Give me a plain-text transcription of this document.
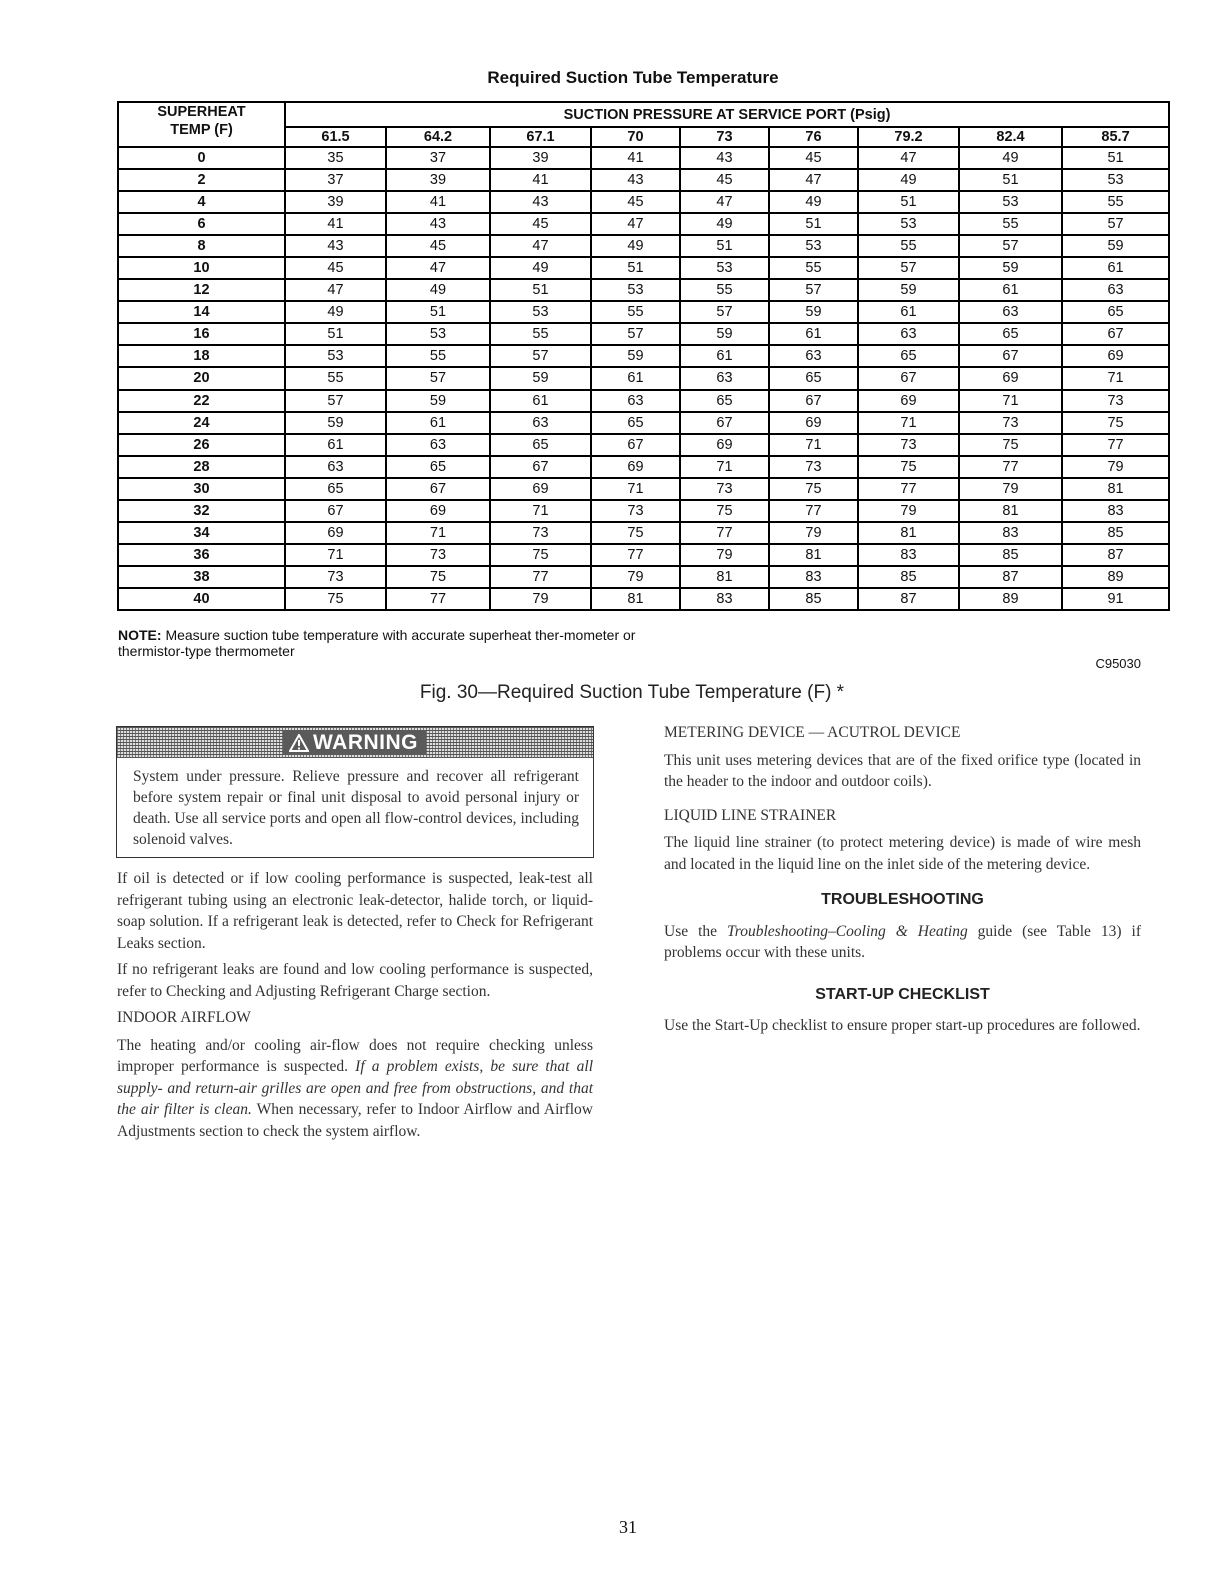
Required Suction Tube Temperature
SUPERHEAT
TEMP (F)	SUCTION PRESSURE AT SERVICE PORT (Psig)								
	61.5	64.2	67.1	70	73	76	79.2	82.4	85.7
0	35	37	39	41	43	45	47	49	51
2	37	39	41	43	45	47	49	51	53
4	39	41	43	45	47	49	51	53	55
6	41	43	45	47	49	51	53	55	57
8	43	45	47	49	51	53	55	57	59
10	45	47	49	51	53	55	57	59	61
12	47	49	51	53	55	57	59	61	63
14	49	51	53	55	57	59	61	63	65
16	51	53	55	57	59	61	63	65	67
18	53	55	57	59	61	63	65	67	69
20	55	57	59	61	63	65	67	69	71
22	57	59	61	63	65	67	69	71	73
24	59	61	63	65	67	69	71	73	75
26	61	63	65	67	69	71	73	75	77
28	63	65	67	69	71	73	75	77	79
30	65	67	69	71	73	75	77	79	81
32	67	69	71	73	75	77	79	81	83
34	69	71	73	75	77	79	81	83	85
36	71	73	75	77	79	81	83	85	87
38	73	75	77	79	81	83	85	87	89
40	75	77	79	81	83	85	87	89	91
NOTE: Measure suction tube temperature with accurate superheat ther-mometer or thermistor-type thermometer
C95030
Fig. 30—Required Suction Tube Temperature (F) *
WARNING
System under pressure. Relieve pressure and recover all refrigerant before system repair or final unit disposal to avoid personal injury or death. Use all service ports and open all flow-control devices, including solenoid valves.

If oil is detected or if low cooling performance is suspected, leak-test all refrigerant tubing using an electronic leak-detector, halide torch, or liquid-soap solution. If a refrigerant leak is detected, refer to Check for Refrigerant Leaks section.

If no refrigerant leaks are found and low cooling performance is suspected, refer to Checking and Adjusting Refrigerant Charge section.

INDOOR AIRFLOW

The heating and/or cooling air-flow does not require checking unless improper performance is suspected. If a problem exists, be sure that all supply- and return-air grilles are open and free from obstructions, and that the air filter is clean. When necessary, refer to Indoor Airflow and Airflow Adjustments section to check the system airflow.

METERING DEVICE — ACUTROL DEVICE

This unit uses metering devices that are of the fixed orifice type (located in the header to the indoor and outdoor coils).

LIQUID LINE STRAINER

The liquid line strainer (to protect metering device) is made of wire mesh and located in the liquid line on the inlet side of the metering device.

TROUBLESHOOTING

Use the Troubleshooting–Cooling & Heating guide (see Table 13) if problems occur with these units.

START-UP CHECKLIST

Use the Start-Up checklist to ensure proper start-up procedures are followed.

31
